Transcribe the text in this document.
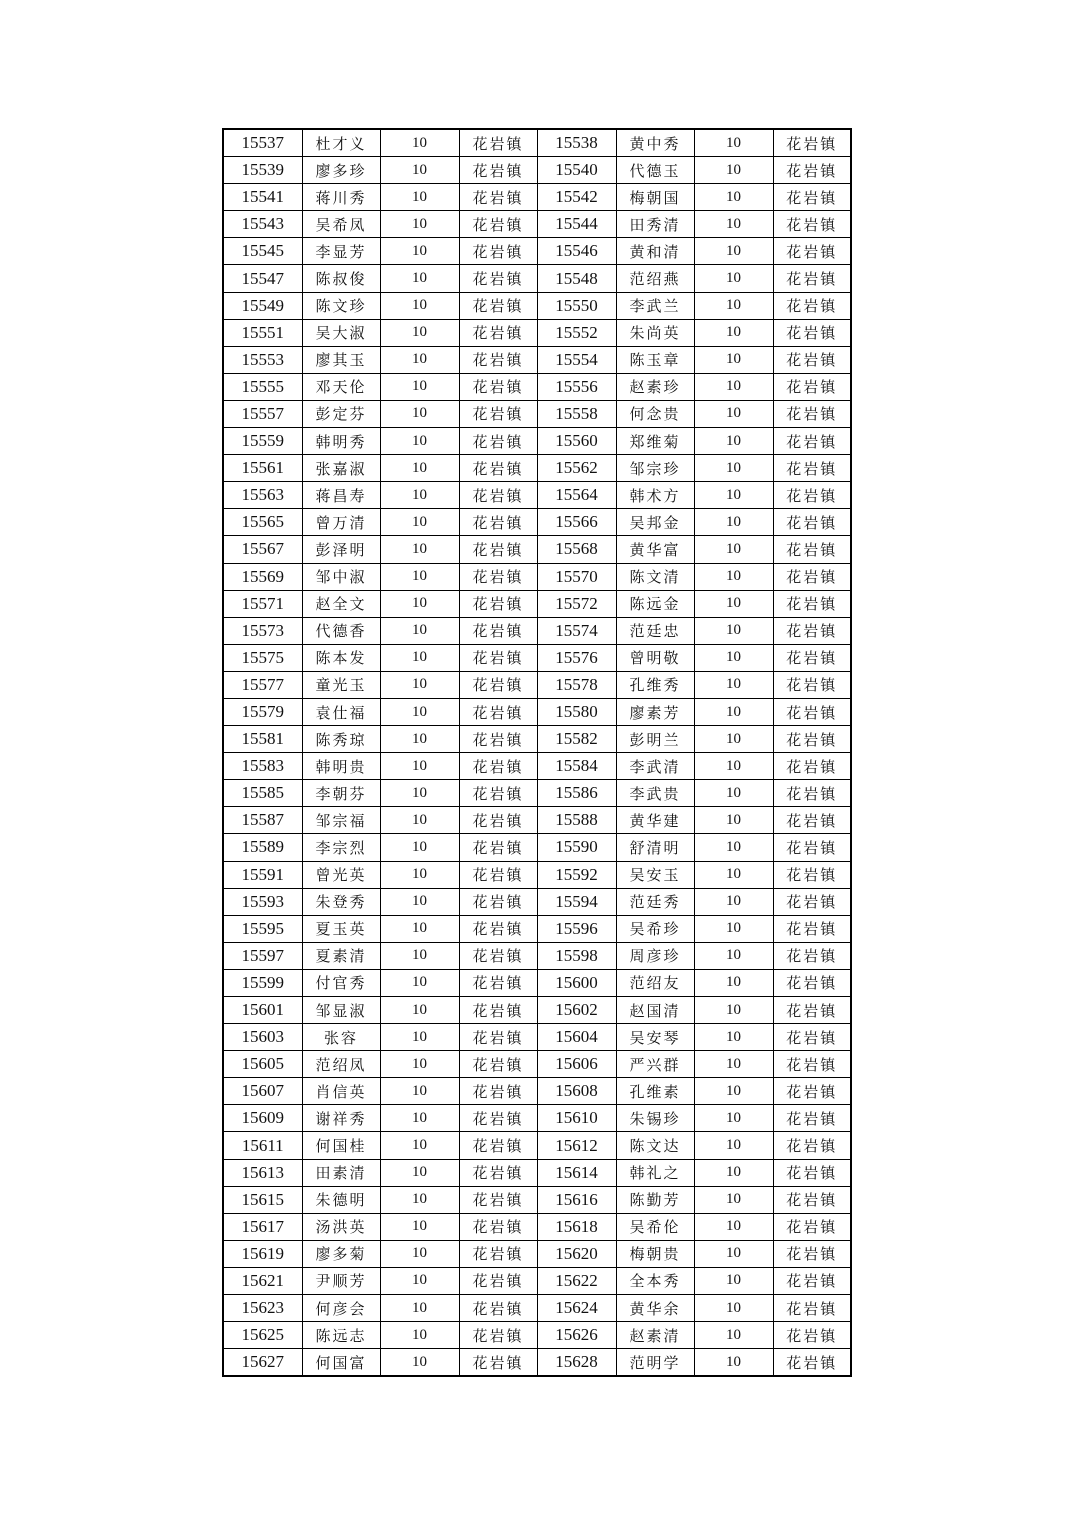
15537	杜才义	10	花岩镇	15538	黄中秀	10	花岩镇
15539	廖多珍	10	花岩镇	15540	代德玉	10	花岩镇
15541	蒋川秀	10	花岩镇	15542	梅朝国	10	花岩镇
15543	吴希凤	10	花岩镇	15544	田秀清	10	花岩镇
15545	李显芳	10	花岩镇	15546	黄和清	10	花岩镇
15547	陈叔俊	10	花岩镇	15548	范绍燕	10	花岩镇
15549	陈文珍	10	花岩镇	15550	李武兰	10	花岩镇
15551	吴大淑	10	花岩镇	15552	朱尚英	10	花岩镇
15553	廖其玉	10	花岩镇	15554	陈玉章	10	花岩镇
15555	邓天伦	10	花岩镇	15556	赵素珍	10	花岩镇
15557	彭定芬	10	花岩镇	15558	何念贵	10	花岩镇
15559	韩明秀	10	花岩镇	15560	郑维菊	10	花岩镇
15561	张嘉淑	10	花岩镇	15562	邹宗珍	10	花岩镇
15563	蒋昌寿	10	花岩镇	15564	韩术方	10	花岩镇
15565	曾万清	10	花岩镇	15566	吴邦金	10	花岩镇
15567	彭泽明	10	花岩镇	15568	黄华富	10	花岩镇
15569	邹中淑	10	花岩镇	15570	陈文清	10	花岩镇
15571	赵全文	10	花岩镇	15572	陈远金	10	花岩镇
15573	代德香	10	花岩镇	15574	范廷忠	10	花岩镇
15575	陈本发	10	花岩镇	15576	曾明敬	10	花岩镇
15577	童光玉	10	花岩镇	15578	孔维秀	10	花岩镇
15579	袁仕福	10	花岩镇	15580	廖素芳	10	花岩镇
15581	陈秀琼	10	花岩镇	15582	彭明兰	10	花岩镇
15583	韩明贵	10	花岩镇	15584	李武清	10	花岩镇
15585	李朝芬	10	花岩镇	15586	李武贵	10	花岩镇
15587	邹宗福	10	花岩镇	15588	黄华建	10	花岩镇
15589	李宗烈	10	花岩镇	15590	舒清明	10	花岩镇
15591	曾光英	10	花岩镇	15592	吴安玉	10	花岩镇
15593	朱登秀	10	花岩镇	15594	范廷秀	10	花岩镇
15595	夏玉英	10	花岩镇	15596	吴希珍	10	花岩镇
15597	夏素清	10	花岩镇	15598	周彦珍	10	花岩镇
15599	付官秀	10	花岩镇	15600	范绍友	10	花岩镇
15601	邹显淑	10	花岩镇	15602	赵国清	10	花岩镇
15603	张容	10	花岩镇	15604	吴安琴	10	花岩镇
15605	范绍凤	10	花岩镇	15606	严兴群	10	花岩镇
15607	肖信英	10	花岩镇	15608	孔维素	10	花岩镇
15609	谢祥秀	10	花岩镇	15610	朱锡珍	10	花岩镇
15611	何国桂	10	花岩镇	15612	陈文达	10	花岩镇
15613	田素清	10	花岩镇	15614	韩礼之	10	花岩镇
15615	朱德明	10	花岩镇	15616	陈勤芳	10	花岩镇
15617	汤洪英	10	花岩镇	15618	吴希伦	10	花岩镇
15619	廖多菊	10	花岩镇	15620	梅朝贵	10	花岩镇
15621	尹顺芳	10	花岩镇	15622	全本秀	10	花岩镇
15623	何彦会	10	花岩镇	15624	黄华余	10	花岩镇
15625	陈远志	10	花岩镇	15626	赵素清	10	花岩镇
15627	何国富	10	花岩镇	15628	范明学	10	花岩镇
